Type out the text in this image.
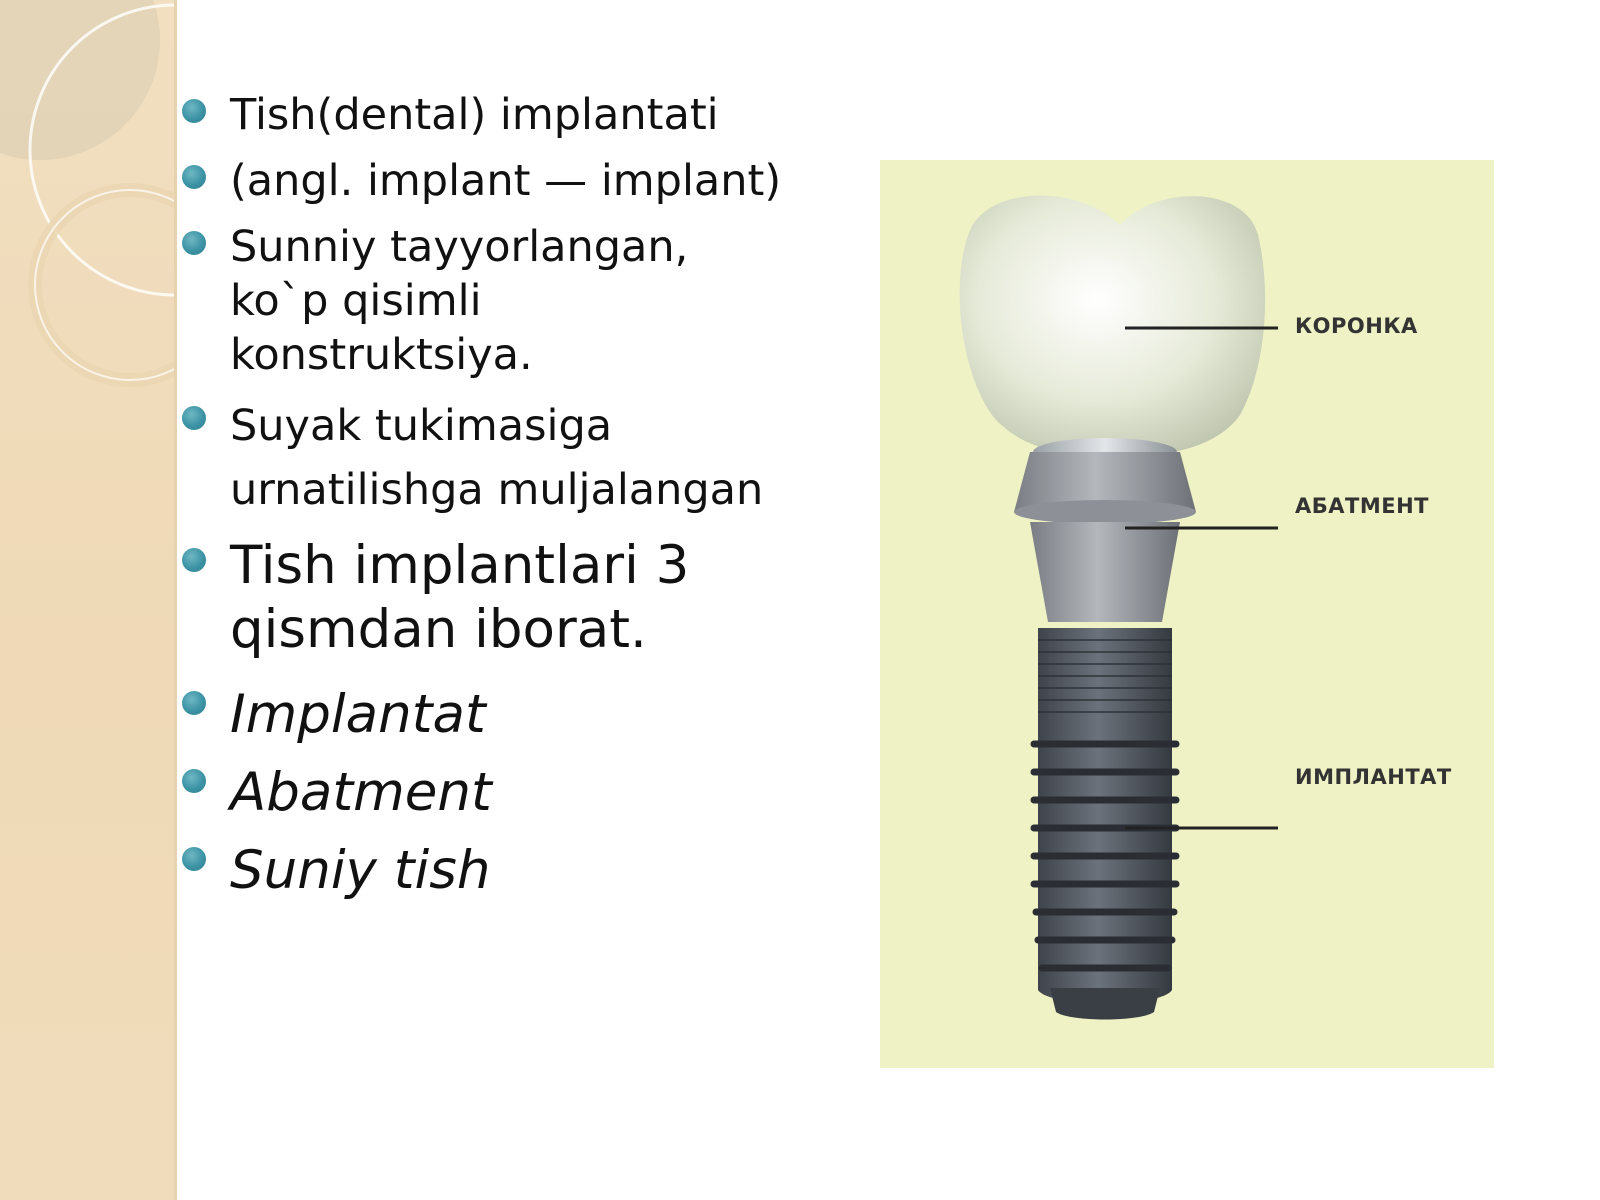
Tish(dental) implantati
(angl. implant — implant)
Sunniy tayyorlangan, ko`p qisimli konstruktsiya.
Suyak tukimasiga urnatilishga muljalangan
Tish implantlari 3 qismdan iborat.
Implantat
Abatment
Suniy tish
КОРОНКА
АБАТМЕНТ
ИМПЛАНТАТ
